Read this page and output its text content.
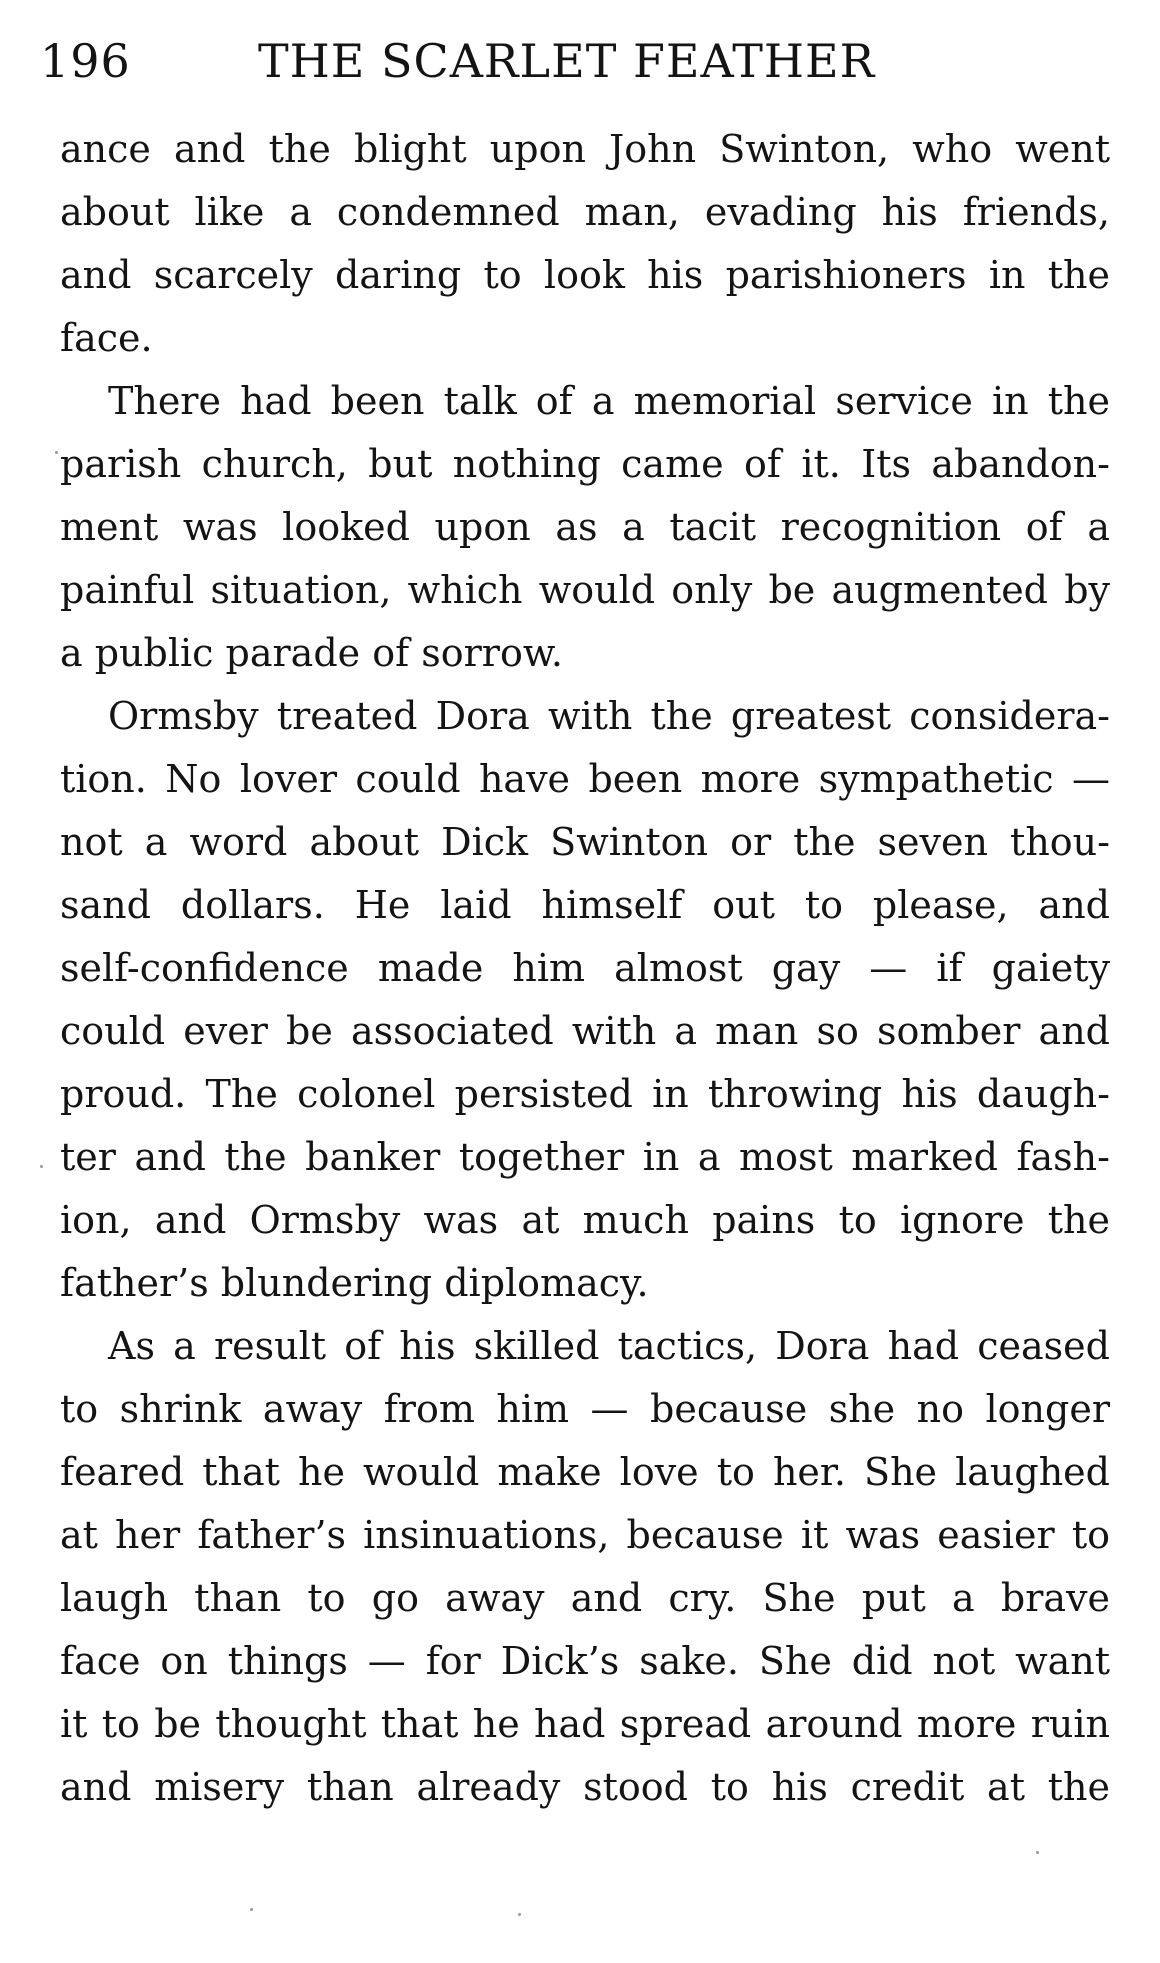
196	THE SCARLET FEATHER
ance and the blight upon John Swinton, who went
about like a condemned man, evading his friends,
and scarcely daring to look his parishioners in the
face.
There had been talk of a memorial service in the
parish church, but nothing came of it. Its abandon-
ment was looked upon as a tacit recognition of a
painful situation, which would only be augmented by
a public parade of sorrow.
Ormsby treated Dora with the greatest considera-
tion. No lover could have been more sympathetic —
not a word about Dick Swinton or the seven thou-
sand dollars. He laid himself out to please, and
self-confidence made him almost gay — if gaiety
could ever be associated with a man so somber and
proud. The colonel persisted in throwing his daugh-
ter and the banker together in a most marked fash-
ion, and Ormsby was at much pains to ignore the
father’s blundering diplomacy.
As a result of his skilled tactics, Dora had ceased
to shrink away from him — because she no longer
feared that he would make love to her. She laughed
at her father’s insinuations, because it was easier to
laugh than to go away and cry. She put a brave
face on things — for Dick’s sake. She did not want
it to be thought that he had spread around more ruin
and misery than already stood to his credit at the
